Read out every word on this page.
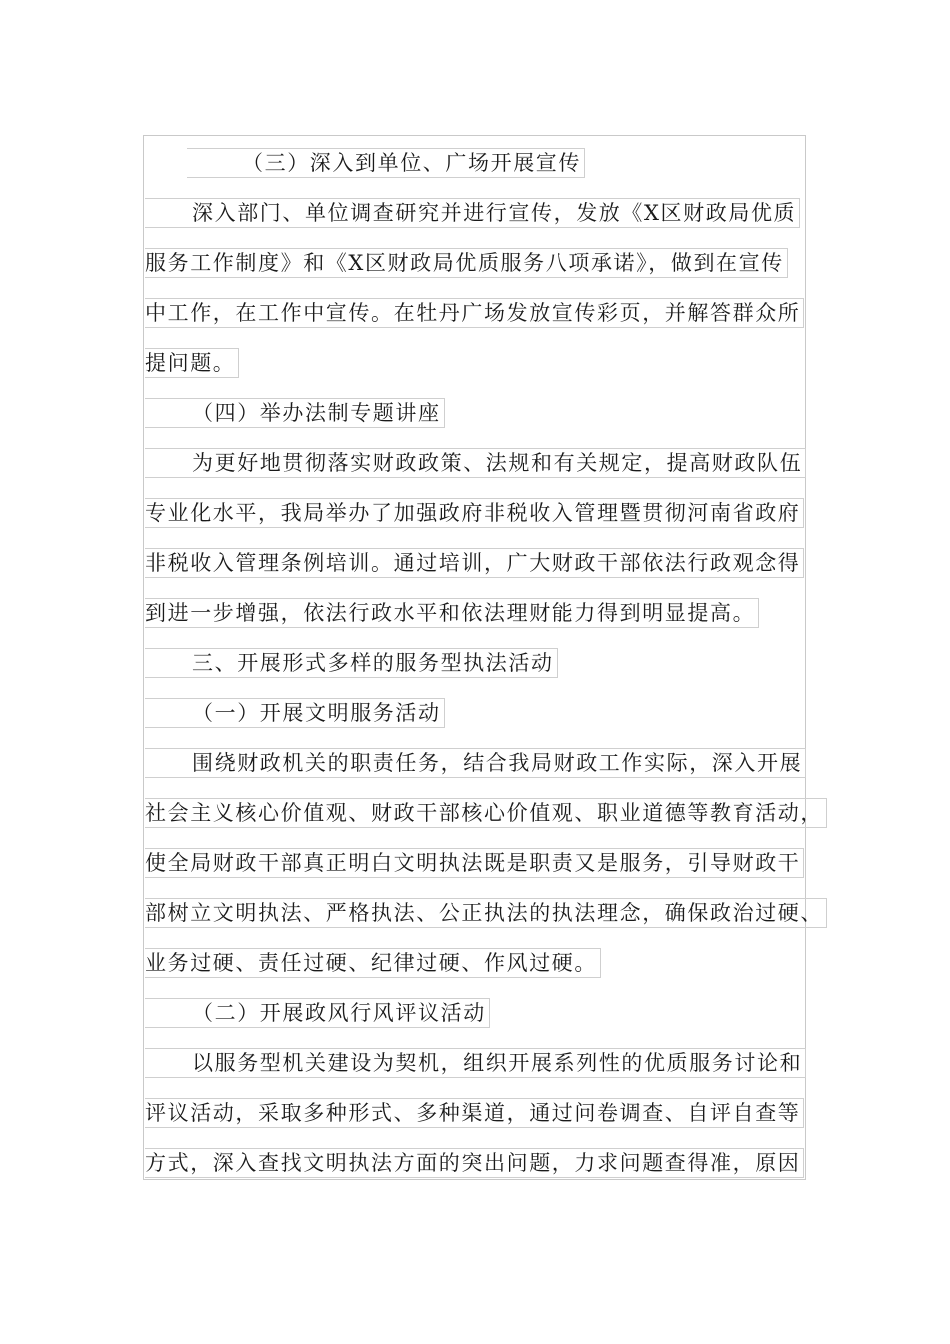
（三）深入到单位、广场开展宣传
深入部门、单位调查研究并进行宣传，发放《X区财政局优质
服务工作制度》和《X区财政局优质服务八项承诺》，做到在宣传
中工作，在工作中宣传。在牡丹广场发放宣传彩页，并解答群众所
提问题。
（四）举办法制专题讲座
为更好地贯彻落实财政政策、法规和有关规定，提高财政队伍
专业化水平，我局举办了加强政府非税收入管理暨贯彻河南省政府
非税收入管理条例培训。通过培训，广大财政干部依法行政观念得
到进一步增强，依法行政水平和依法理财能力得到明显提高。
三、开展形式多样的服务型执法活动
（一）开展文明服务活动
围绕财政机关的职责任务，结合我局财政工作实际，深入开展
社会主义核心价值观、财政干部核心价值观、职业道德等教育活动，
使全局财政干部真正明白文明执法既是职责又是服务，引导财政干
部树立文明执法、严格执法、公正执法的执法理念，确保政治过硬、
业务过硬、责任过硬、纪律过硬、作风过硬。
（二）开展政风行风评议活动
以服务型机关建设为契机，组织开展系列性的优质服务讨论和
评议活动，采取多种形式、多种渠道，通过问卷调查、自评自查等
方式，深入查找文明执法方面的突出问题，力求问题查得准，原因
